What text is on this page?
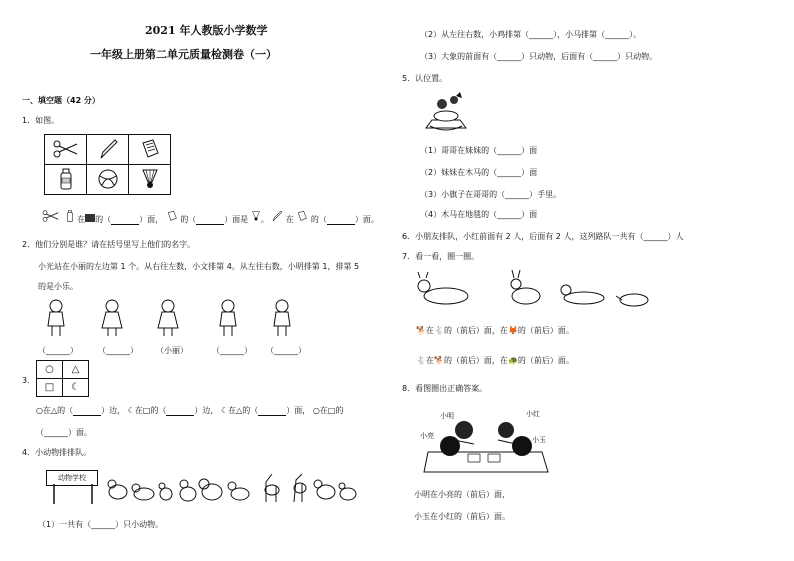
2021 年人教版小学数学
一年级上册第二单元质量检测卷（一）
一、填空题（42 分）
1．如图。

在 的（	）面， 的（	）面是 。 在 的（	）面。
2．他们分别是谁？请在括号里写上他们的名字。
小光站在小丽的左边第 1 个。从右往左数，小文排第 4。从左往右数，小明排第 1，排第 5
的是小乐。
（______）	（______） （小丽）	（______） （______）
3．
○	△
□	☾
○在△的（	）边， ☾在□的（	）边， ☾在△的（	）面， ○在□的
（______）面。
4．小动物排排队。
动物学校
（1）一共有（______）只小动物。
（2）从左往右数，小鸡排第（______），小马排第（______）。
（3）大象的前面有（______）只动物，后面有（______）只动物。
5．认位置。
（1）哥哥在妹妹的（______）面
（2）妹妹在木马的（______）面
（3）小旗子在哥哥的（______）手里。
（4）木马在地毯的（______）面
6．小朋友排队，小红前面有 2 人，后面有 2 人，这列路队一共有（______）人
7．看一看，圈一圈。
🐕在🐇的（前后）面，在🦊的（前后）面。
🐇在🐕的（前后）面，在🐢的（前后）面。
8．看图圈出正确答案。
小明	小红
小亮	小玉
小明在小亮的（前后）面，
小玉在小红的（前后）面。
